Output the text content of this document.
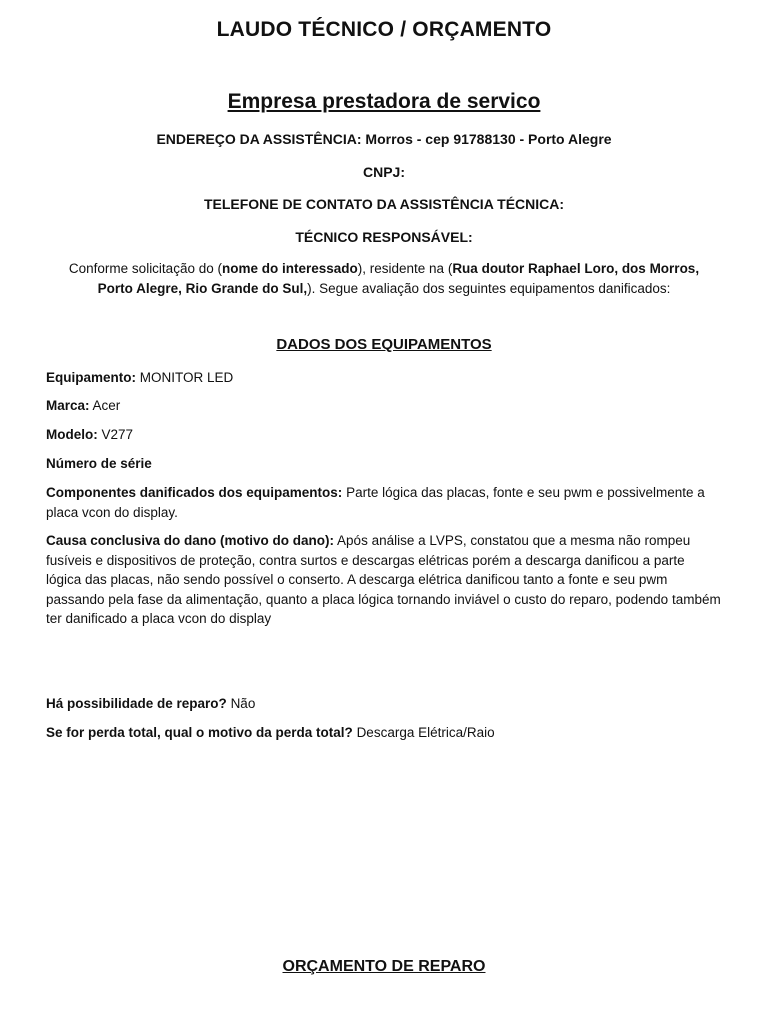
LAUDO TÉCNICO / ORÇAMENTO
Empresa prestadora de servico
ENDEREÇO DA ASSISTÊNCIA: Morros - cep 91788130 - Porto Alegre
CNPJ:
TELEFONE DE CONTATO DA ASSISTÊNCIA TÉCNICA:
TÉCNICO RESPONSÁVEL:
Conforme solicitação do (nome do interessado), residente na (Rua doutor Raphael Loro, dos Morros, Porto Alegre, Rio Grande do Sul,). Segue avaliação dos seguintes equipamentos danificados:
DADOS DOS EQUIPAMENTOS
Equipamento: MONITOR LED
Marca: Acer
Modelo: V277
Número de série
Componentes danificados dos equipamentos: Parte lógica das placas, fonte e seu pwm e possivelmente a placa vcon do display.
Causa conclusiva do dano (motivo do dano): Após análise a LVPS, constatou que a mesma não rompeu fusíveis e dispositivos de proteção, contra surtos e descargas elétricas porém a descarga danificou a parte lógica das placas, não sendo possível o conserto. A descarga elétrica danificou tanto a fonte e seu pwm passando pela fase da alimentação, quanto a placa lógica tornando inviável o custo do reparo, podendo também ter danificado a placa vcon do display
Há possibilidade de reparo? Não
Se for perda total, qual o motivo da perda total? Descarga Elétrica/Raio
ORÇAMENTO DE REPARO
